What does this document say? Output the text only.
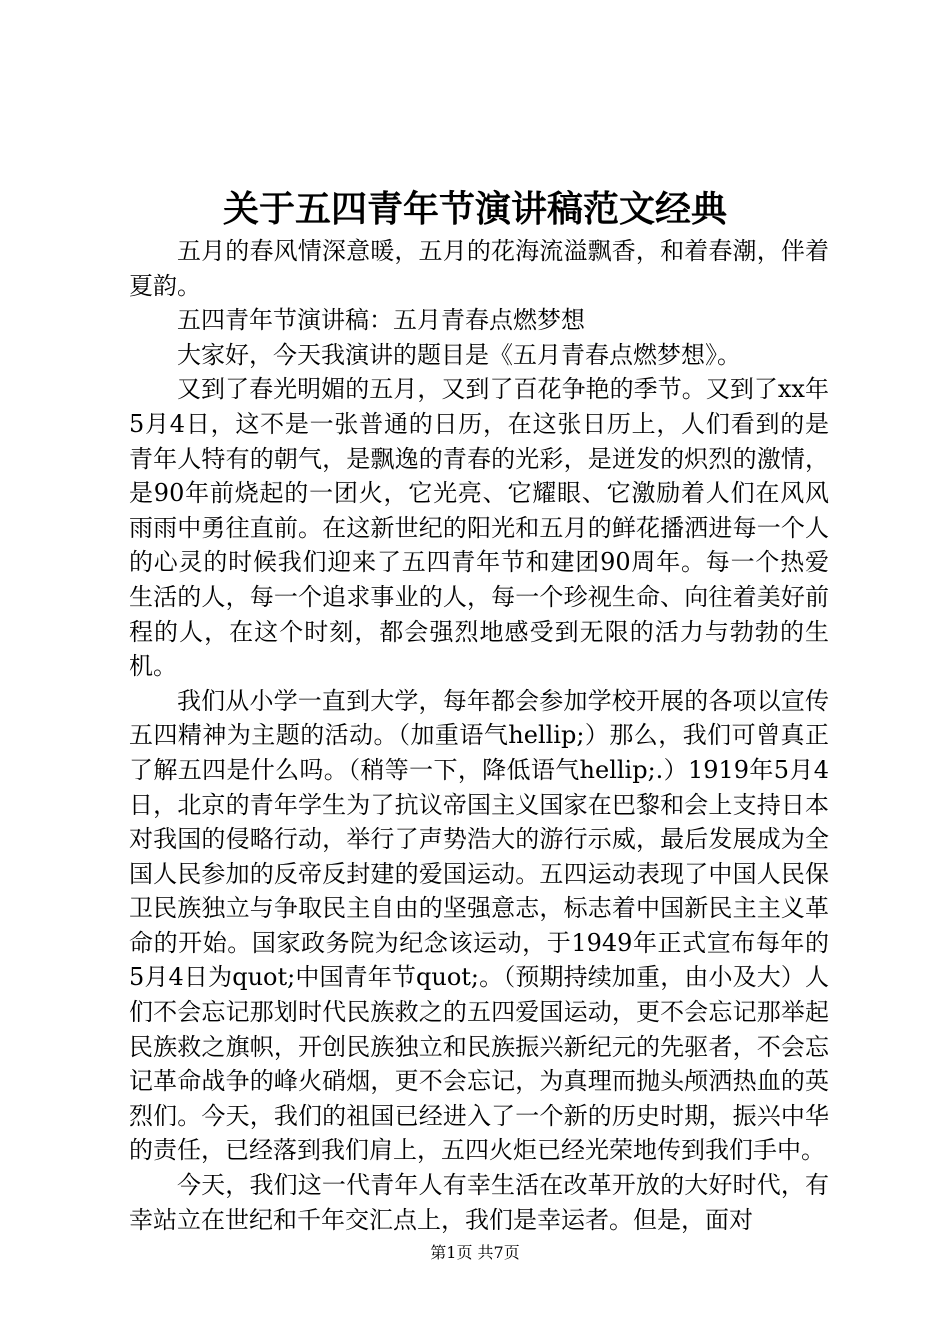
关于五四青年节演讲稿范文经典

五月的春风情深意暖，五月的花海流溢飘香，和着春潮，伴着夏韵。

五四青年节演讲稿：五月青春点燃梦想

大家好，今天我演讲的题目是《五月青春点燃梦想》。

又到了春光明媚的五月，又到了百花争艳的季节。又到了xx年5月4日，这不是一张普通的日历，在这张日历上，人们看到的是青年人特有的朝气，是飘逸的青春的光彩，是迸发的炽烈的激情，是90年前烧起的一团火，它光亮、它耀眼、它激励着人们在风风雨雨中勇往直前。在这新世纪的阳光和五月的鲜花播洒进每一个人的心灵的时候我们迎来了五四青年节和建团90周年。每一个热爱生活的人，每一个追求事业的人，每一个珍视生命、向往着美好前程的人，在这个时刻，都会强烈地感受到无限的活力与勃勃的生机。

我们从小学一直到大学，每年都会参加学校开展的各项以宣传五四精神为主题的活动。（加重语气hellip;）那么，我们可曾真正了解五四是什么吗。（稍等一下，降低语气hellip;.）1919年5月4日，北京的青年学生为了抗议帝国主义国家在巴黎和会上支持日本对我国的侵略行动，举行了声势浩大的游行示威，最后发展成为全国人民参加的反帝反封建的爱国运动。五四运动表现了中国人民保卫民族独立与争取民主自由的坚强意志，标志着中国新民主主义革命的开始。国家政务院为纪念该运动，于1949年正式宣布每年的5月4日为quot;中国青年节quot;。（预期持续加重，由小及大）人们不会忘记那划时代民族救之的五四爱国运动，更不会忘记那举起民族救之旗帜，开创民族独立和民族振兴新纪元的先驱者，不会忘记革命战争的峰火硝烟，更不会忘记，为真理而抛头颅洒热血的英烈们。今天，我们的祖国已经进入了一个新的历史时期，振兴中华的责任，已经落到我们肩上，五四火炬已经光荣地传到我们手中。

今天，我们这一代青年人有幸生活在改革开放的大好时代，有幸站立在世纪和千年交汇点上，我们是幸运者。但是，面对

第1页 共7页
